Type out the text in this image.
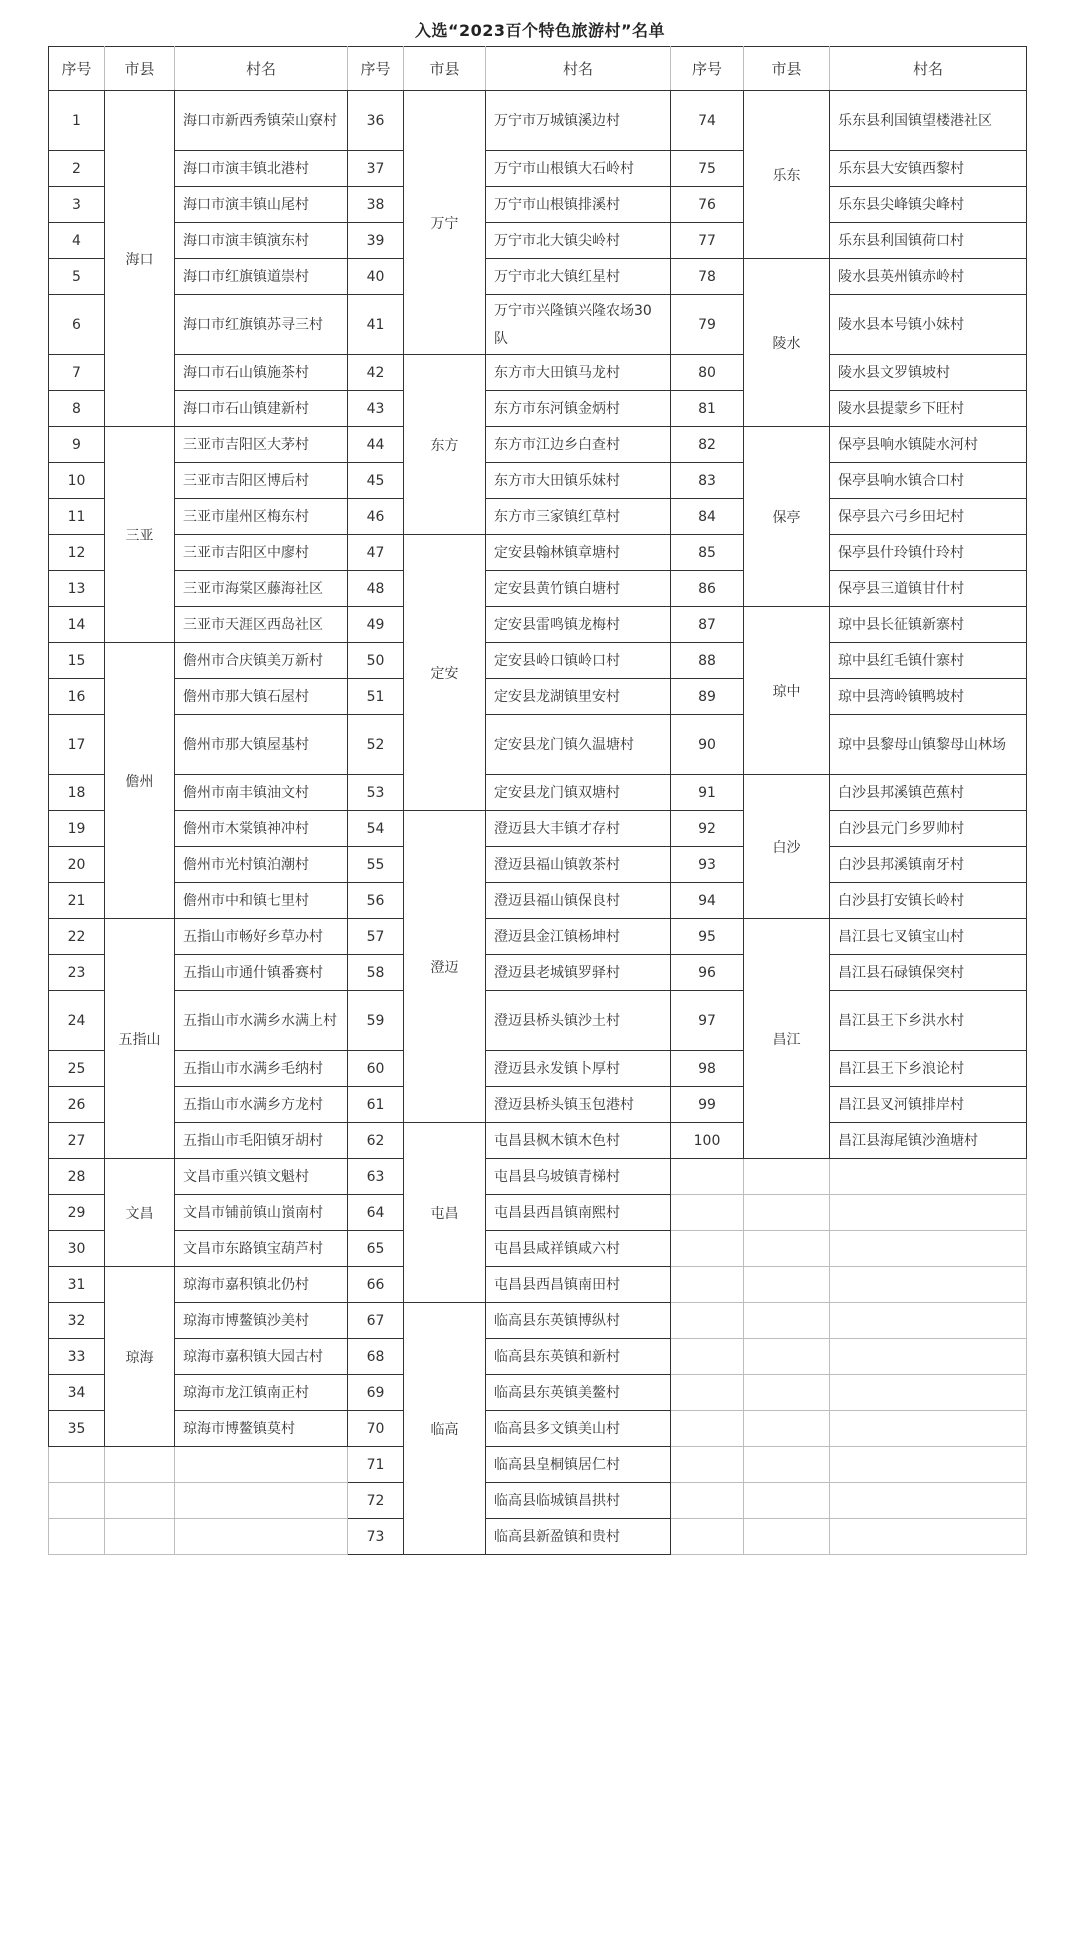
入选“2023百个特色旅游村”名单
序号	市县	村名	序号	市县	村名	序号	市县	村名
1	海口	海口市新西秀镇荣山寮村	36	万宁	万宁市万城镇溪边村	74	乐东	乐东县利国镇望楼港社区
2		海口市演丰镇北港村	37		万宁市山根镇大石岭村	75		乐东县大安镇西黎村
3		海口市演丰镇山尾村	38		万宁市山根镇排溪村	76		乐东县尖峰镇尖峰村
4		海口市演丰镇演东村	39		万宁市北大镇尖岭村	77		乐东县利国镇荷口村
5		海口市红旗镇道崇村	40		万宁市北大镇红星村	78	陵水	陵水县英州镇赤岭村
6		海口市红旗镇苏寻三村	41		万宁市兴隆镇兴隆农场30队	79		陵水县本号镇小妹村
7		海口市石山镇施茶村	42	东方	东方市大田镇马龙村	80		陵水县文罗镇坡村
8		海口市石山镇建新村	43		东方市东河镇金炳村	81		陵水县提蒙乡下旺村
9	三亚	三亚市吉阳区大茅村	44		东方市江边乡白查村	82	保亭	保亭县响水镇陡水河村
10		三亚市吉阳区博后村	45		东方市大田镇乐妹村	83		保亭县响水镇合口村
11		三亚市崖州区梅东村	46		东方市三家镇红草村	84		保亭县六弓乡田圮村
12		三亚市吉阳区中廖村	47	定安	定安县翰林镇章塘村	85		保亭县什玲镇什玲村
13		三亚市海棠区藤海社区	48		定安县黄竹镇白塘村	86		保亭县三道镇甘什村
14		三亚市天涯区西岛社区	49		定安县雷鸣镇龙梅村	87	琼中	琼中县长征镇新寨村
15	儋州	儋州市合庆镇美万新村	50		定安县岭口镇岭口村	88		琼中县红毛镇什寨村
16		儋州市那大镇石屋村	51		定安县龙湖镇里安村	89		琼中县湾岭镇鸭坡村
17		儋州市那大镇屋基村	52		定安县龙门镇久温塘村	90		琼中县黎母山镇黎母山林场
18		儋州市南丰镇油文村	53		定安县龙门镇双塘村	91	白沙	白沙县邦溪镇芭蕉村
19		儋州市木棠镇神冲村	54	澄迈	澄迈县大丰镇才存村	92		白沙县元门乡罗帅村
20		儋州市光村镇泊潮村	55		澄迈县福山镇敦茶村	93		白沙县邦溪镇南牙村
21		儋州市中和镇七里村	56		澄迈县福山镇保良村	94		白沙县打安镇长岭村
22	五指山	五指山市畅好乡草办村	57		澄迈县金江镇杨坤村	95	昌江	昌江县七叉镇宝山村
23		五指山市通什镇番赛村	58		澄迈县老城镇罗驿村	96		昌江县石碌镇保突村
24		五指山市水满乡水满上村	59		澄迈县桥头镇沙土村	97		昌江县王下乡洪水村
25		五指山市水满乡毛纳村	60		澄迈县永发镇卜厚村	98		昌江县王下乡浪论村
26		五指山市水满乡方龙村	61		澄迈县桥头镇玉包港村	99		昌江县叉河镇排岸村
27		五指山市毛阳镇牙胡村	62	屯昌	屯昌县枫木镇木色村	100		昌江县海尾镇沙渔塘村
28	文昌	文昌市重兴镇文魁村	63		屯昌县乌坡镇青梯村			
29		文昌市铺前镇山嵿南村	64		屯昌县西昌镇南熙村			
30		文昌市东路镇宝葫芦村	65		屯昌县咸祥镇咸六村			
31	琼海	琼海市嘉积镇北仍村	66		屯昌县西昌镇南田村			
32		琼海市博鳌镇沙美村	67	临高	临高县东英镇博纵村			
33		琼海市嘉积镇大园古村	68		临高县东英镇和新村			
34		琼海市龙江镇南正村	69		临高县东英镇美鳌村			
35		琼海市博鳌镇莫村	70		临高县多文镇美山村			
			71		临高县皇桐镇居仁村			
			72		临高县临城镇昌拱村			
			73		临高县新盈镇和贵村			
